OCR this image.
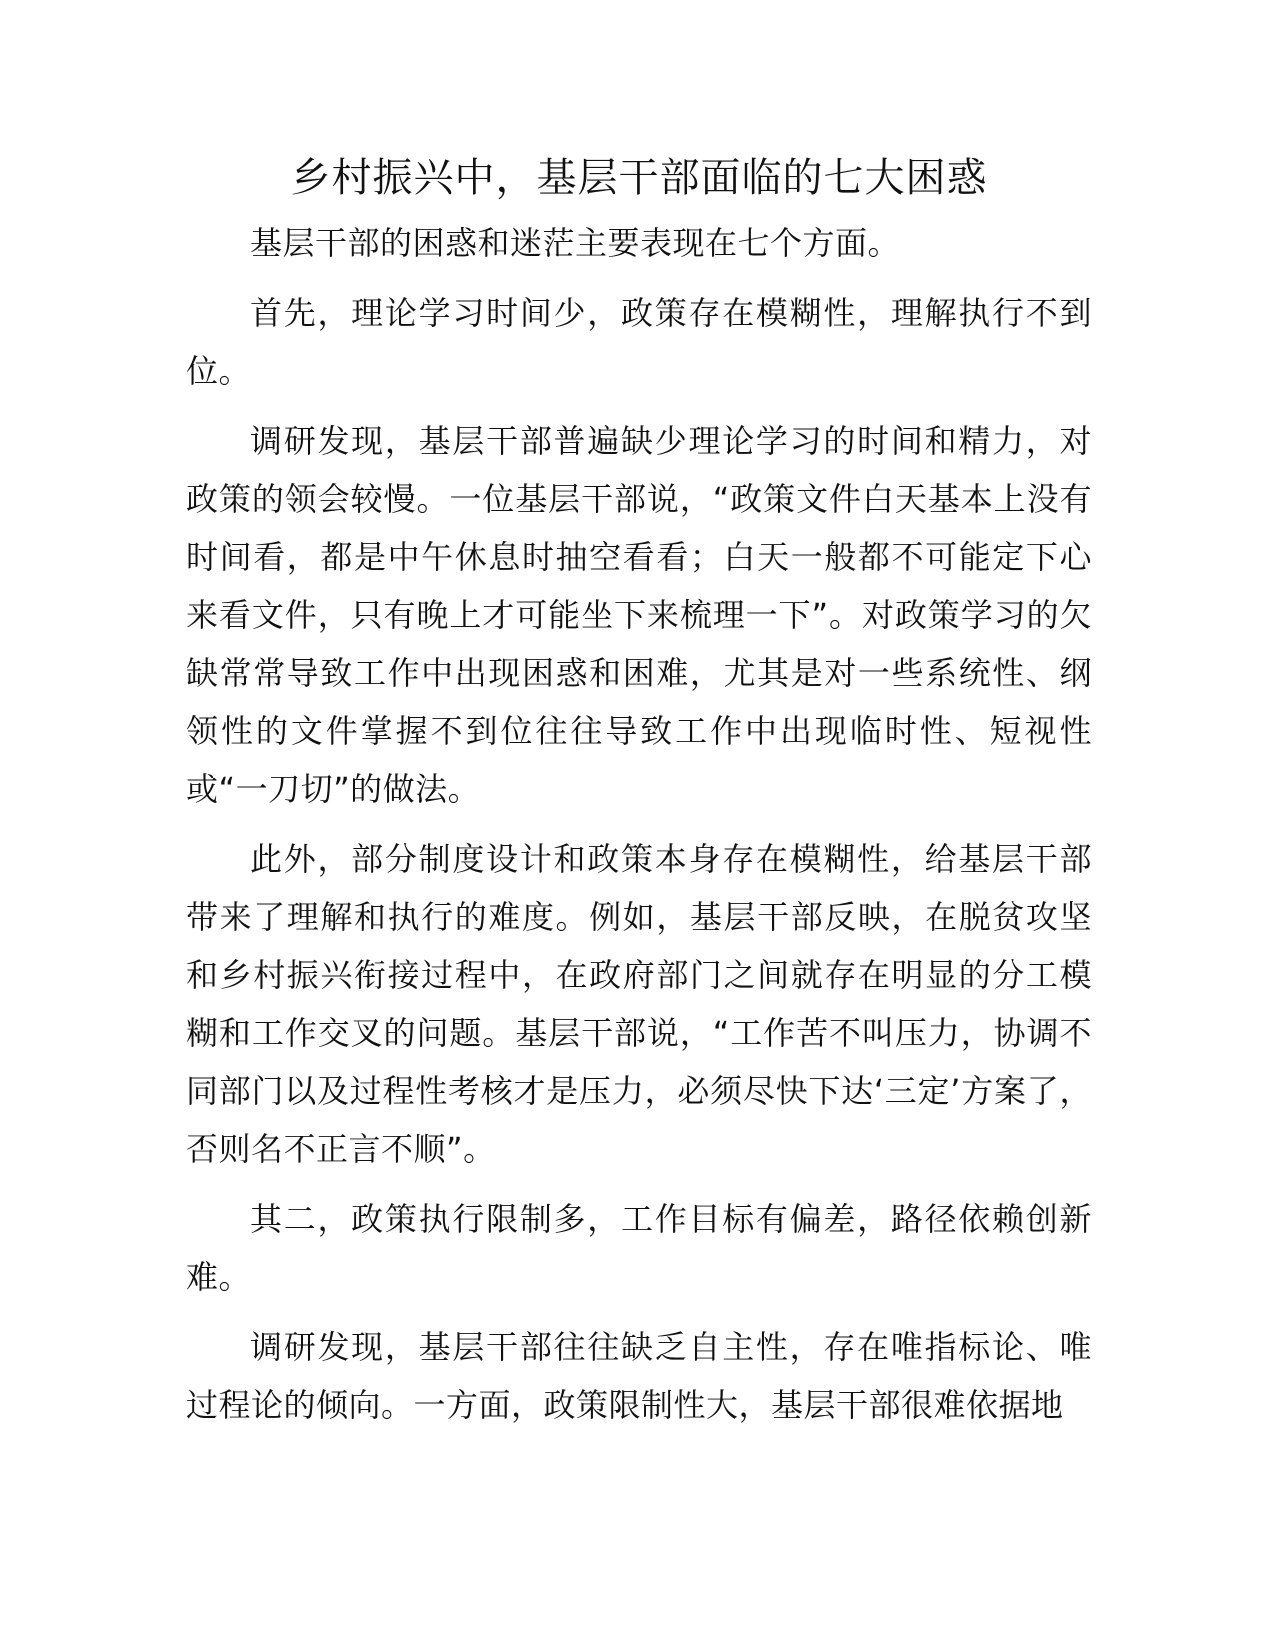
乡村振兴中，基层干部面临的七大困惑

基层干部的困惑和迷茫主要表现在七个方面。

首先，理论学习时间少，政策存在模糊性，理解执行不到位。

调研发现，基层干部普遍缺少理论学习的时间和精力，对政策的领会较慢。一位基层干部说，“政策文件白天基本上没有时间看，都是中午休息时抽空看看；白天一般都不可能定下心来看文件，只有晚上才可能坐下来梳理一下”。对政策学习的欠缺常常导致工作中出现困惑和困难，尤其是对一些系统性、纲领性的文件掌握不到位往往导致工作中出现临时性、短视性或“一刀切”的做法。

此外，部分制度设计和政策本身存在模糊性，给基层干部带来了理解和执行的难度。例如，基层干部反映，在脱贫攻坚和乡村振兴衔接过程中，在政府部门之间就存在明显的分工模糊和工作交叉的问题。基层干部说，“工作苦不叫压力，协调不同部门以及过程性考核才是压力，必须尽快下达‘三定’方案了，否则名不正言不顺”。

其二，政策执行限制多，工作目标有偏差，路径依赖创新难。

调研发现，基层干部往往缺乏自主性，存在唯指标论、唯过程论的倾向。一方面，政策限制性大，基层干部很难依据地
